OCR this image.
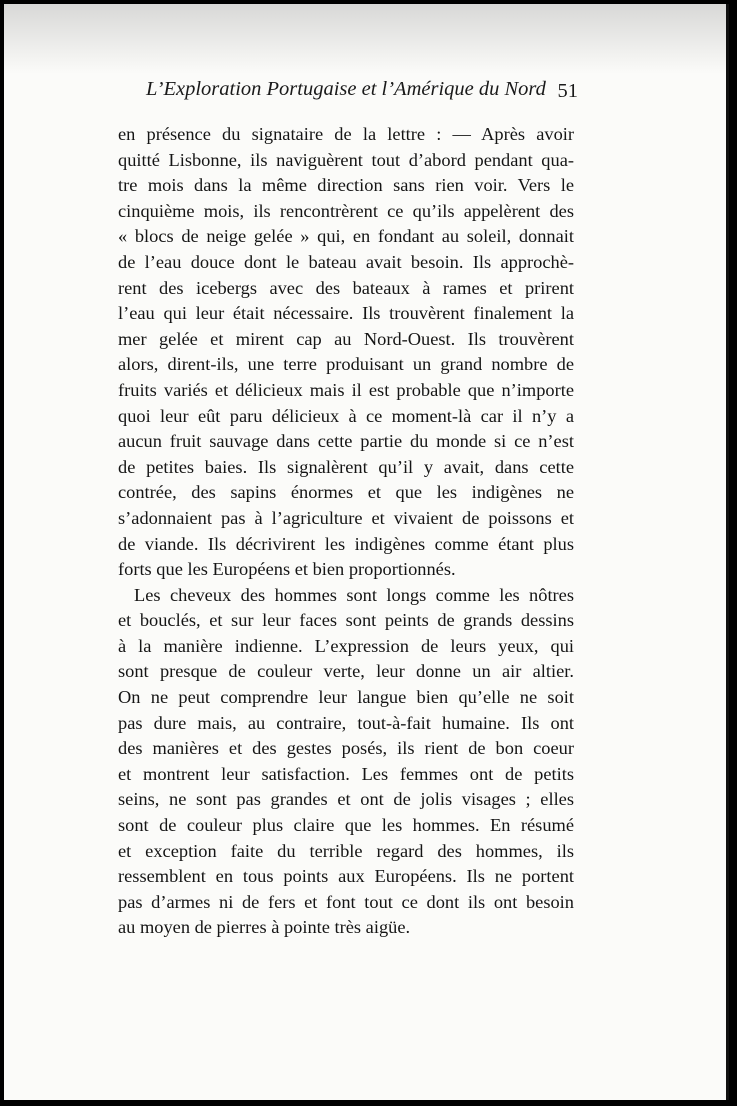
L’Exploration Portugaise et l’Amérique du Nord 51
en présence du signataire de la lettre : — Après avoir
quitté Lisbonne, ils naviguèrent tout d’abord pendant qua-
tre mois dans la même direction sans rien voir. Vers le
cinquième mois, ils rencontrèrent ce qu’ils appelèrent des
« blocs de neige gelée » qui, en fondant au soleil, donnait
de l’eau douce dont le bateau avait besoin. Ils approchè-
rent des icebergs avec des bateaux à rames et prirent
l’eau qui leur était nécessaire. Ils trouvèrent finalement la
mer gelée et mirent cap au Nord-Ouest. Ils trouvèrent
alors, dirent-ils, une terre produisant un grand nombre de
fruits variés et délicieux mais il est probable que n’importe
quoi leur eût paru délicieux à ce moment-là car il n’y a
aucun fruit sauvage dans cette partie du monde si ce n’est
de petites baies. Ils signalèrent qu’il y avait, dans cette
contrée, des sapins énormes et que les indigènes ne
s’adonnaient pas à l’agriculture et vivaient de poissons et
de viande. Ils décrivirent les indigènes comme étant plus
forts que les Européens et bien proportionnés.
Les cheveux des hommes sont longs comme les nôtres
et bouclés, et sur leur faces sont peints de grands dessins
à la manière indienne. L’expression de leurs yeux, qui
sont presque de couleur verte, leur donne un air altier.
On ne peut comprendre leur langue bien qu’elle ne soit
pas dure mais, au contraire, tout-à-fait humaine. Ils ont
des manières et des gestes posés, ils rient de bon coeur
et montrent leur satisfaction. Les femmes ont de petits
seins, ne sont pas grandes et ont de jolis visages ; elles
sont de couleur plus claire que les hommes. En résumé
et exception faite du terrible regard des hommes, ils
ressemblent en tous points aux Européens. Ils ne portent
pas d’armes ni de fers et font tout ce dont ils ont besoin
au moyen de pierres à pointe très aigüe.
